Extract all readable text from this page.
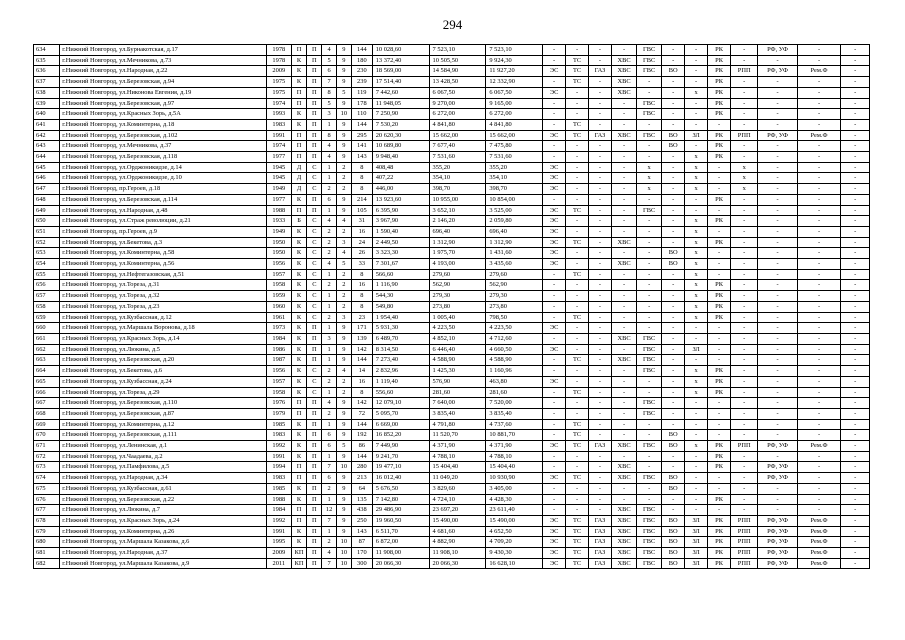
294
634	г.Нижний Новгород, ул.Бурнакотская, д.17	1978	П	П	4	9	144	10 028,60	7 523,10	7 523,10	-	-	-	-	ГВС	-	-	РК	-	РФ, УФ	-	-
635	г.Нижний Новгород, ул.Мечникова, д.73	1978	К	П	5	9	180	13 372,40	10 505,50	9 924,30	-	ТС	-	ХВС	ГВС	-	-	РК	-	-	-	-
636	г.Нижний Новгород, ул.Народная, д.22	2009	К	П	6	9	230	18 569,00	14 584,90	11 927,20	ЭС	ТС	ГАЗ	ХВС	ГВС	ВО	-	РК	РПП	РФ, УФ	Рем.Ф	-
637	г.Нижний Новгород, ул.Березовская, д.94	1975	К	П	7	9	239	17 514,40	13 428,50	12 332,90	-	ТС	-	ХВС	-	-	-	РК	-	-	-	-
638	г.Нижний Новгород, ул.Никонова Евгения, д.19	1975	П	П	8	5	119	7 442,60	6 067,50	6 067,50	ЭС	-	-	ХВС	-	-	х	РК	-	-	-	-
639	г.Нижний Новгород, ул.Березовская, д.97	1974	П	П	5	9	178	11 948,05	9 270,00	9 165,00	-	-	-	-	ГВС	-	-	РК	-	-	-	-
640	г.Нижний Новгород, ул.Красных Зорь, д.5А	1993	К	П	3	10	110	7 250,90	6 272,00	6 272,00	-	-	-	-	ГВС	-	-	РК	-	-	-	-
641	г.Нижний Новгород, ул.Коминтерна, д.18	1983	К	П	1	9	144	7 530,20	4 841,80	4 841,80	-	ТС	-	-	-	-	-	-	-	-	-	-
642	г.Нижний Новгород, ул.Березовская, д.102	1991	П	П	8	9	295	20 620,30	15 662,00	15 662,00	ЭС	ТС	ГАЗ	ХВС	ГВС	ВО	ЗЛ	РК	РПП	РФ, УФ	Рем.Ф	-
643	г.Нижний Новгород, ул.Мечникова, д.37	1974	П	П	4	9	141	10 689,80	7 677,40	7 475,80	-	-	-	-	-	ВО	-	РК	-	-	-	-
644	г.Нижний Новгород, ул.Березовская, д.118	1977	П	П	4	9	143	9 948,40	7 531,60	7 531,60	-	-	-	-	-	-	х	РК	-	-	-	-
645	г.Нижний Новгород, ул.Орджоникидзе, д.14	1945	Д	С	1	2	8	408,48	355,20	355,20	ЭС	-	-	-	х	-	х	-	х	-	-	-
646	г.Нижний Новгород, ул.Орджоникидзе, д.10	1945	Д	С	1	2	8	407,22	354,10	354,10	ЭС	-	-	-	х	-	х	-	х	-	-	-
647	г.Нижний Новгород, пр.Героев, д.18	1949	Д	С	2	2	8	446,00	398,70	398,70	ЭС	-	-	-	х	-	х	-	х	-	-	-
648	г.Нижний Новгород, ул.Березовская, д.114	1977	К	П	6	9	214	13 923,60	10 955,00	10 854,00	-	-	-	-	-	-	-	РК	-	-	-	-
649	г.Нижний Новгород, ул.Народная, д.48	1988	П	П	1	9	105	6 395,90	3 652,10	3 525,00	ЭС	ТС	-	-	ГВС	-	-	-	-	-	-	-
650	г.Нижний Новгород, ул.Страж революции, д.21	1933	Б	С	4	4	31	3 967,90	2 146,20	2 059,80	ЭС	-	-	-	-	-	х	РК	-	-	-	-
651	г.Нижний Новгород, пр.Героев, д.9	1949	К	С	2	2	16	1 590,40	696,40	696,40	ЭС	-	-	-	-	-	х	-	-	-	-	-
652	г.Нижний Новгород, ул.Бекетова, д.3	1950	К	С	2	3	24	2 449,50	1 312,90	1 312,90	ЭС	ТС	-	ХВС	-	-	х	РК	-	-	-	-
653	г.Нижний Новгород, ул.Коминтерна, д.58	1950	К	С	2	4	26	3 323,30	1 975,70	1 431,60	ЭС	-	-	-	-	ВО	х	-	-	-	-	-
654	г.Нижний Новгород, ул.Коминтерна, д.56	1956	К	С	4	5	33	7 301,67	4 193,00	3 435,60	ЭС	-	-	ХВС	-	ВО	х	-	-	-	-	-
655	г.Нижний Новгород, ул.Нефтегазовская, д.51	1957	К	С	1	2	8	566,60	279,60	279,60	-	ТС	-	-	-	-	х	-	-	-	-	-
656	г.Нижний Новгород, ул.Тореза, д.31	1958	К	С	2	2	16	1 116,90	562,90	562,90	-	-	-	-	-	-	х	РК	-	-	-	-
657	г.Нижний Новгород, ул.Тореза, д.32	1959	К	С	1	2	8	544,30	279,30	279,30	-	-	-	-	-	-	х	РК	-	-	-	-
658	г.Нижний Новгород, ул.Тореза, д.23	1960	К	С	1	2	8	549,80	273,80	273,80	-	-	-	-	-	-	х	РК	-	-	-	-
659	г.Нижний Новгород, ул.Кузбассная, д.12	1961	К	С	2	3	23	1 954,40	1 005,40	798,50	-	ТС	-	-	-	-	х	РК	-	-	-	-
660	г.Нижний Новгород, ул.Маршала Воронова, д.18	1973	К	П	1	9	171	5 931,30	4 223,50	4 223,50	ЭС	-	-	-	-	-	-	-	-	-	-	-
661	г.Нижний Новгород, ул.Красных Зорь, д.14	1984	К	П	3	9	139	6 489,70	4 852,10	4 712,60	-	-	-	ХВС	ГВС	-	-	-	-	-	-	-
662	г.Нижний Новгород, ул.Люкина, д.5	1986	К	П	1	9	142	8 314,50	6 446,40	4 660,50	ЭС	-	-	-	ГВС	-	ЗЛ	-	-	-	-	-
663	г.Нижний Новгород, ул.Березовская, д.20	1987	К	П	1	9	144	7 273,40	4 588,90	4 588,90	-	ТС	-	ХВС	ГВС	-	-	-	-	-	-	-
664	г.Нижний Новгород, ул.Бекетова, д.6	1956	К	С	2	4	14	2 832,96	1 425,30	1 160,96	-	-	-	-	ГВС	-	х	РК	-	-	-	-
665	г.Нижний Новгород, ул.Кузбассная, д.24	1957	К	С	2	2	16	1 119,40	576,90	463,80	ЭС	-	-	-	-	-	х	РК	-	-	-	-
666	г.Нижний Новгород, ул.Тореза, д.29	1958	К	С	1	2	8	556,60	281,60	281,60	-	ТС	-	-	-	-	х	РК	-	-	-	-
667	г.Нижний Новгород, ул.Березовская, д.110	1976	П	П	4	9	142	12 079,10	7 640,00	7 520,00	-	-	-	-	ГВС	-	-	-	-	-	-	-
668	г.Нижний Новгород, ул.Березовская, д.87	1979	П	П	2	9	72	5 095,70	3 835,40	3 835,40	-	-	-	-	ГВС	-	-	-	-	-	-	-
669	г.Нижний Новгород, ул.Коминтерна, д.12	1985	К	П	1	9	144	6 669,00	4 791,80	4 737,60	-	ТС	-	-	-	-	-	-	-	-	-	-
670	г.Нижний Новгород, ул.Березовская, д.111	1983	К	П	6	9	192	16 852,20	11 520,70	10 881,70	-	ТС	-	-	-	ВО	-	-	-	-	-	-
671	г.Нижний Новгород, ул.Ленинская, д.1	1992	К	П	6	5	86	7 449,90	4 371,90	4 371,90	ЭС	ТС	ГАЗ	ХВС	ГВС	ВО	х	РК	РПП	РФ, УФ	Рем.Ф	-
672	г.Нижний Новгород, ул.Чаадаева, д.2	1991	К	П	1	9	144	9 241,70	4 788,10	4 788,10	-	-	-	-	-	-	-	РК	-	-	-	-
673	г.Нижний Новгород, ул.Памфилова, д.5	1994	П	П	7	10	280	19 477,10	15 404,40	15 404,40	-	-	-	ХВС	-	-	-	РК	-	РФ, УФ	-	-
674	г.Нижний Новгород, ул.Народная, д.34	1983	П	П	6	9	213	16 012,40	11 049,20	10 930,90	ЭС	ТС	-	ХВС	ГВС	ВО	-	-	-	РФ, УФ	-	-
675	г.Нижний Новгород, ул.Кузбассная, д.61	1985	К	П	2	9	64	5 676,50	3 829,60	3 405,00	-	-	-	-	-	ВО	-	-	-	-	-	-
676	г.Нижний Новгород, ул.Березовская, д.22	1988	К	П	1	9	135	7 142,80	4 724,10	4 428,30	-	-	-	-	-	-	-	РК	-	-	-	-
677	г.Нижний Новгород, ул.Люкина, д.7	1984	П	П	12	9	438	29 486,90	23 697,20	23 611,40	-	-	-	ХВС	ГВС	-	-	-	-	-	-	-
678	г.Нижний Новгород, ул.Красных Зорь, д.24	1992	П	П	7	9	250	19 960,50	15 490,00	15 490,00	ЭС	ТС	ГАЗ	ХВС	ГВС	ВО	ЗЛ	РК	РПП	РФ, УФ	Рем.Ф	-
679	г.Нижний Новгород, ул.Коминтерна, д.26	1991	К	П	1	9	143	6 511,70	4 681,60	4 652,50	ЭС	ТС	ГАЗ	ХВС	ГВС	ВО	ЗЛ	РК	РПП	РФ, УФ	Рем.Ф	-
680	г.Нижний Новгород, ул.Маршала Казакова, д.6	1995	К	П	2	10	87	6 872,00	4 882,90	4 709,20	ЭС	ТС	ГАЗ	ХВС	ГВС	ВО	ЗЛ	РК	РПП	РФ, УФ	Рем.Ф	-
681	г.Нижний Новгород, ул.Народная, д.37	2009	КП	П	4	10	170	11 908,00	11 908,10	9 430,30	ЭС	ТС	ГАЗ	ХВС	ГВС	ВО	ЗЛ	РК	РПП	РФ, УФ	Рем.Ф	-
682	г.Нижний Новгород, ул.Маршала Казакова, д.9	2011	КП	П	7	10	300	20 066,30	20 066,30	16 628,10	ЭС	ТС	ГАЗ	ХВС	ГВС	ВО	ЗЛ	РК	РПП	РФ, УФ	Рем.Ф	-
